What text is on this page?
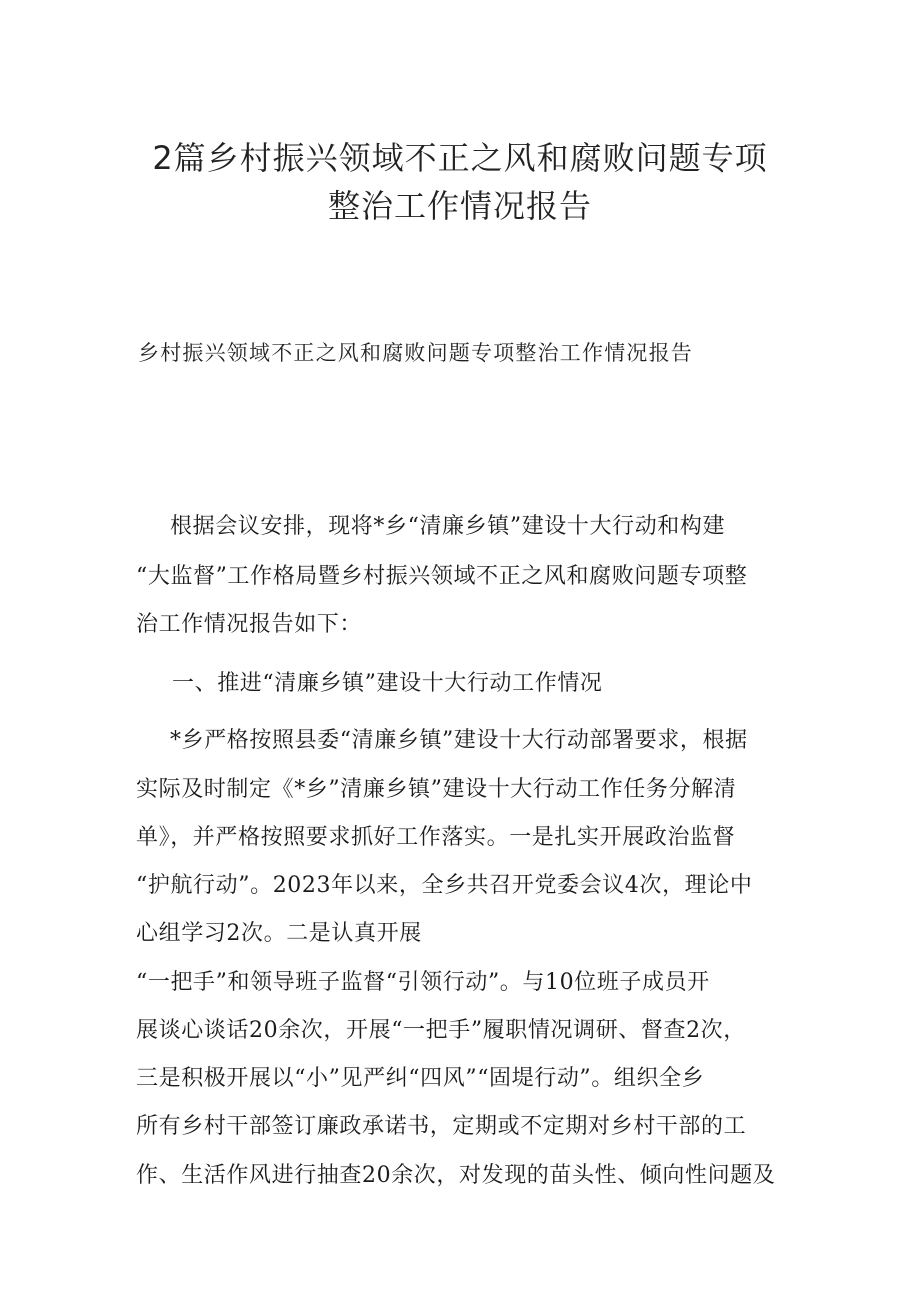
2篇乡村振兴领域不正之风和腐败问题专项
整治工作情况报告
乡村振兴领域不正之风和腐败问题专项整治工作情况报告
根据会议安排，现将*乡“清廉乡镇”建设十大行动和构建
“大监督”工作格局暨乡村振兴领域不正之风和腐败问题专项整
治工作情况报告如下：
一、推进“清廉乡镇”建设十大行动工作情况
*乡严格按照县委“清廉乡镇”建设十大行动部署要求，根据
实际及时制定《*乡”清廉乡镇”建设十大行动工作任务分解清
单》，并严格按照要求抓好工作落实。一是扎实开展政治监督
“护航行动”。2023年以来，全乡共召开党委会议4次，理论中
心组学习2次。二是认真开展
“一把手”和领导班子监督“引领行动”。与10位班子成员开
展谈心谈话20余次，开展“一把手”履职情况调研、督查2次，
三是积极开展以“小”见严纠“四风”“固堤行动”。组织全乡
所有乡村干部签订廉政承诺书，定期或不定期对乡村干部的工
作、生活作风进行抽查20余次，对发现的苗头性、倾向性问题及
